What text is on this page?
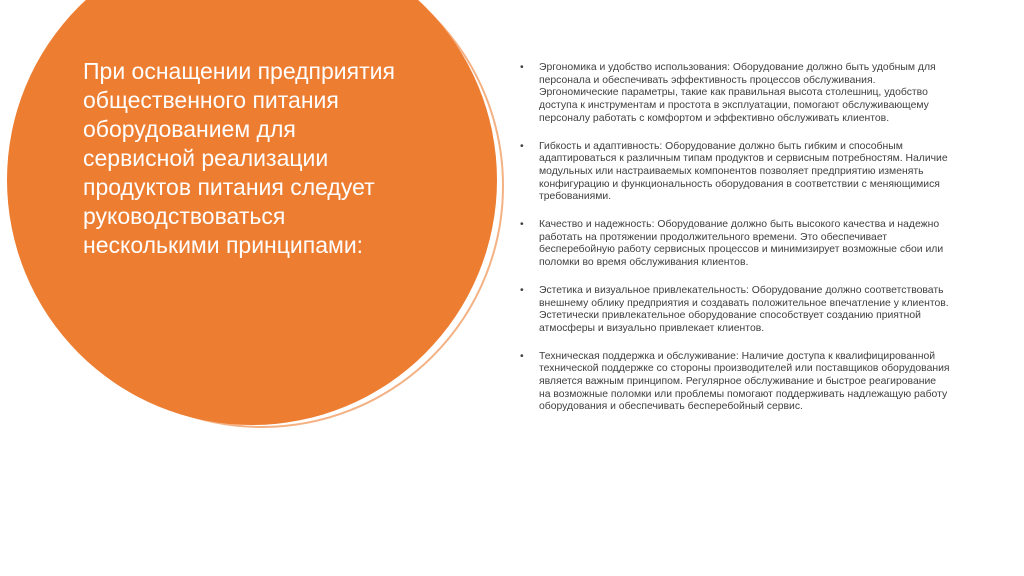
При оснащении предприятия общественного питания оборудованием для сервисной реализации продуктов питания следует руководствоваться несколькими принципами:
• Эргономика и удобство использования: Оборудование должно быть удобным для персонала и обеспечивать эффективность процессов обслуживания. Эргономические параметры, такие как правильная высота столешниц, удобство доступа к инструментам и простота в эксплуатации, помогают обслуживающему персоналу работать с комфортом и эффективно обслуживать клиентов.
• Гибкость и адаптивность: Оборудование должно быть гибким и способным адаптироваться к различным типам продуктов и сервисным потребностям. Наличие модульных или настраиваемых компонентов позволяет предприятию изменять конфигурацию и функциональность оборудования в соответствии с меняющимися требованиями.
• Качество и надежность: Оборудование должно быть высокого качества и надежно работать на протяжении продолжительного времени. Это обеспечивает бесперебойную работу сервисных процессов и минимизирует возможные сбои или поломки во время обслуживания клиентов.
• Эстетика и визуальное привлекательность: Оборудование должно соответствовать внешнему облику предприятия и создавать положительное впечатление у клиентов. Эстетически привлекательное оборудование способствует созданию приятной атмосферы и визуально привлекает клиентов.
• Техническая поддержка и обслуживание: Наличие доступа к квалифицированной технической поддержке со стороны производителей или поставщиков оборудования является важным принципом. Регулярное обслуживание и быстрое реагирование на возможные поломки или проблемы помогают поддерживать надлежащую работу оборудования и обеспечивать бесперебойный сервис.
